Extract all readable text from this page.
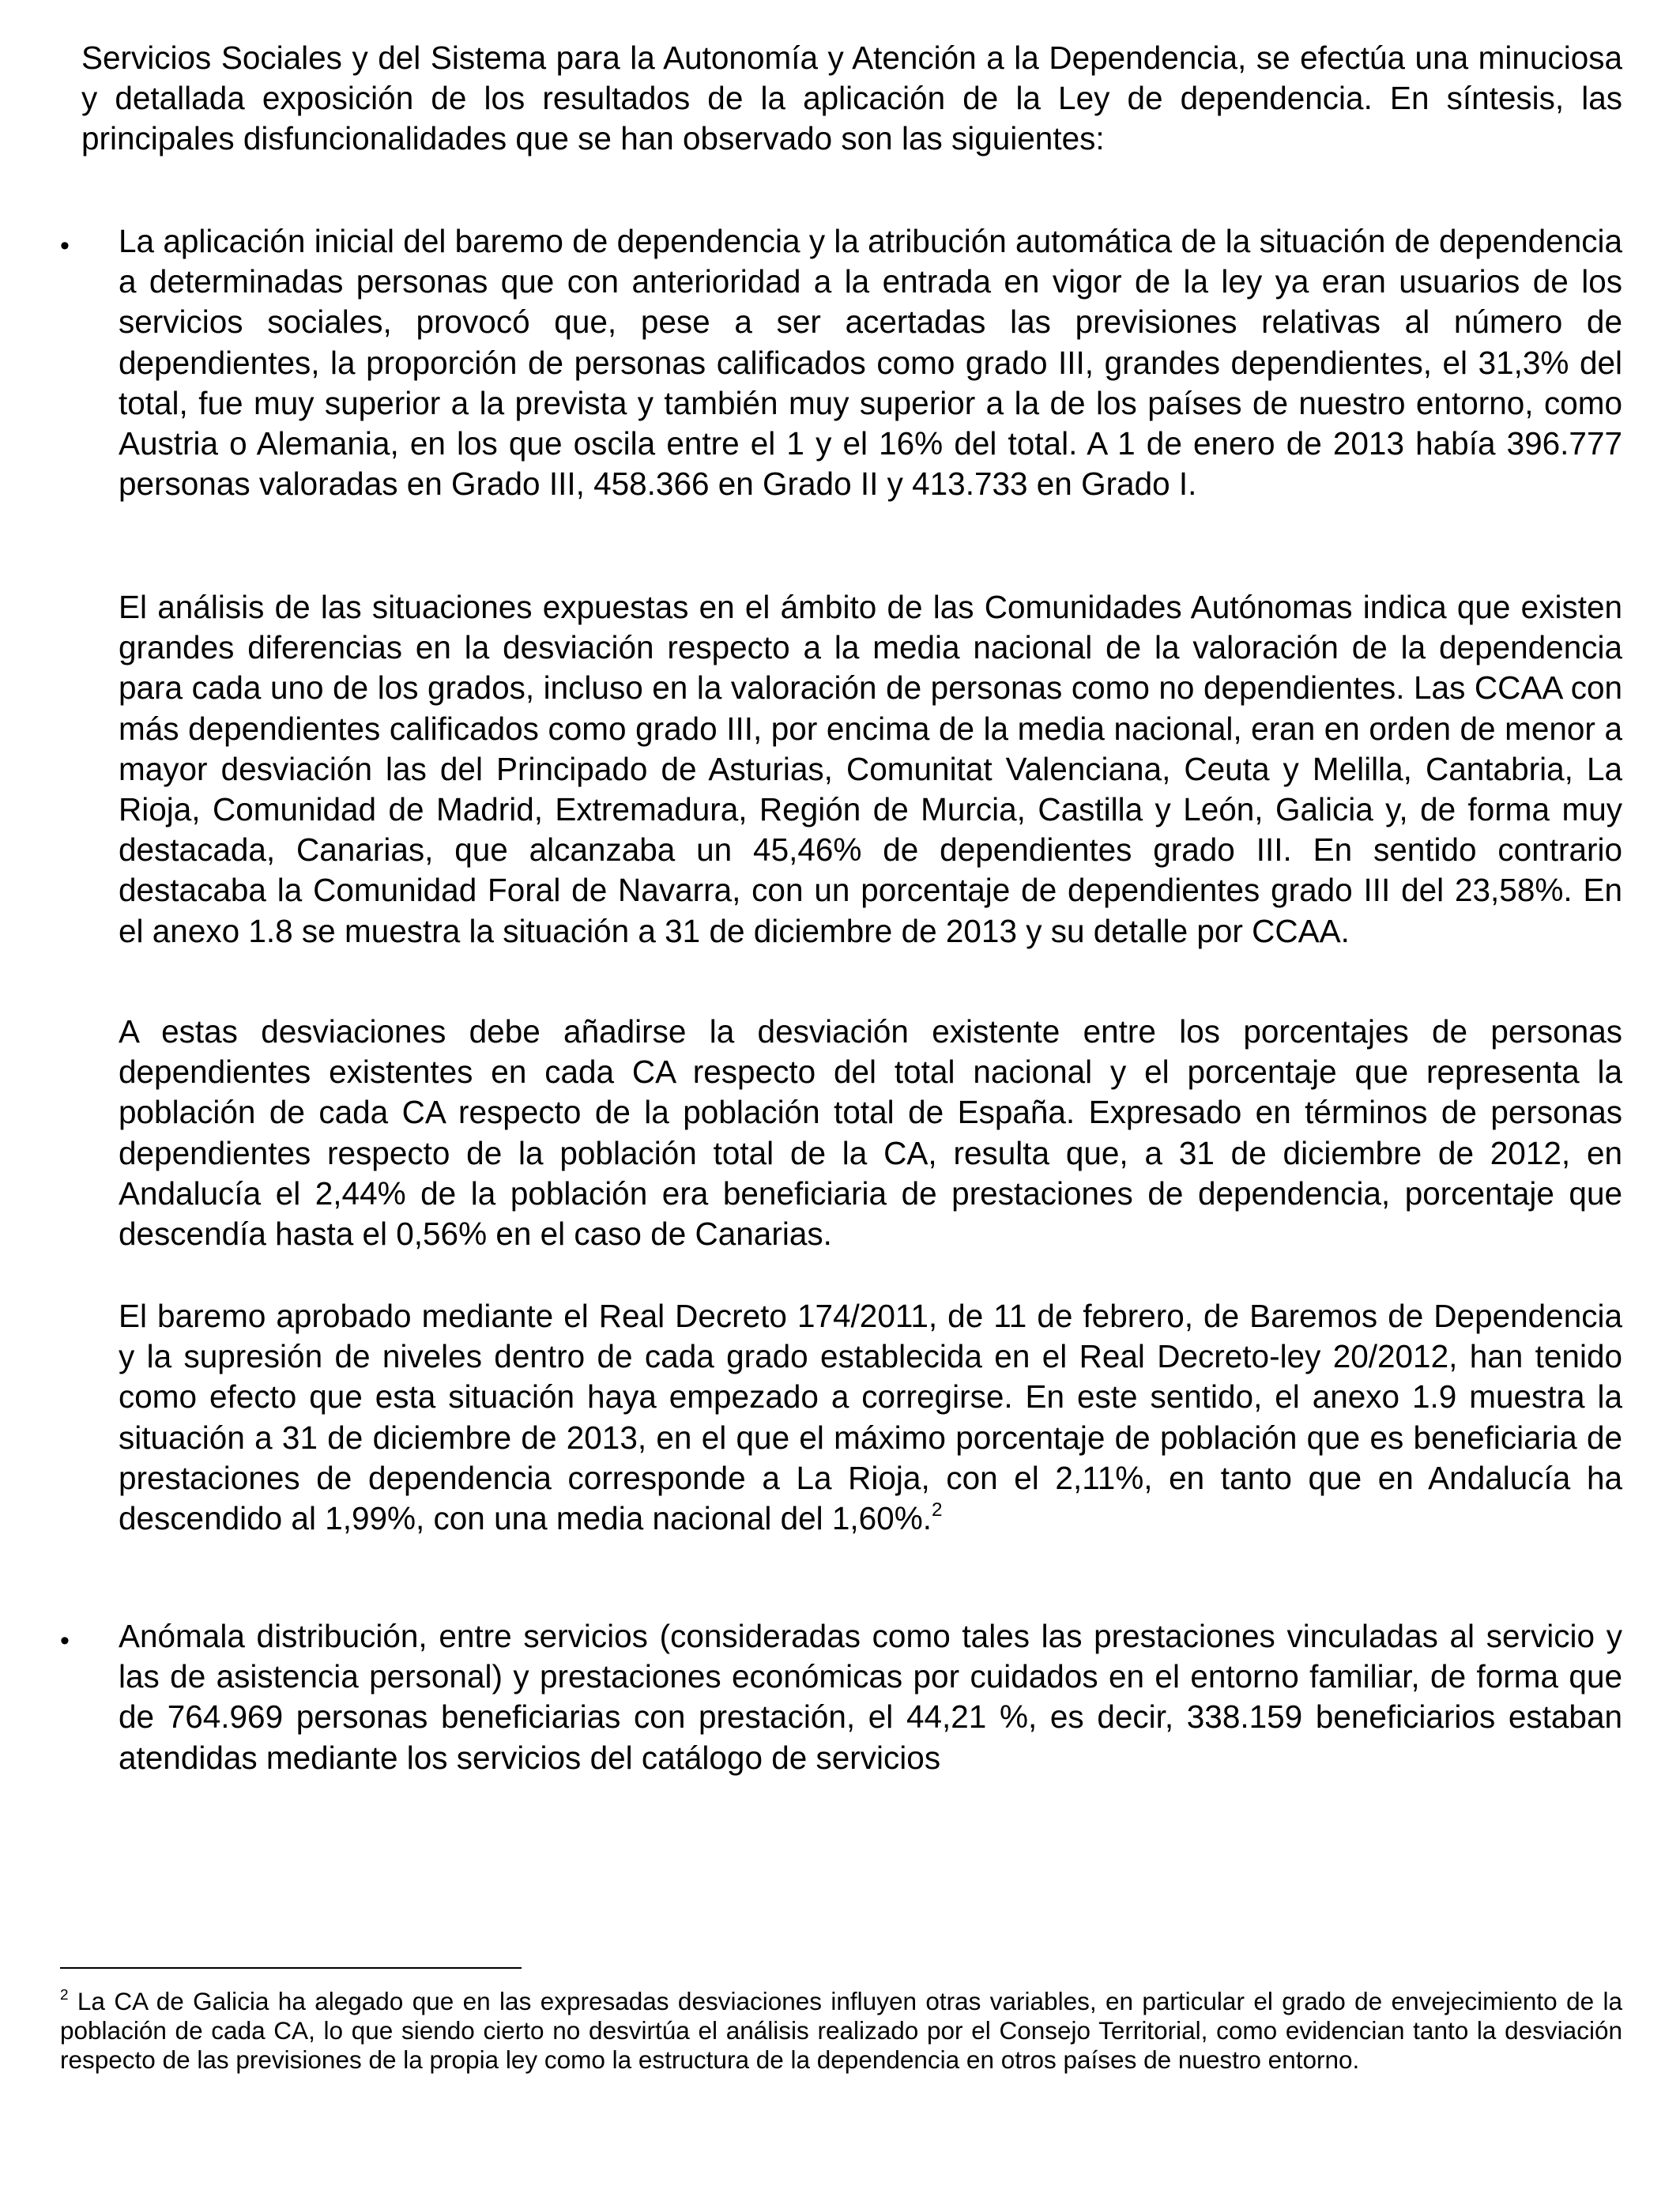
Servicios Sociales y del Sistema para la Autonomía y Atención a la Dependencia, se efectúa una minuciosa y detallada exposición de los resultados de la aplicación de la Ley de dependencia. En síntesis, las principales disfuncionalidades que se han observado son las siguientes:

• La aplicación inicial del baremo de dependencia y la atribución automática de la situación de dependencia a determinadas personas que con anterioridad a la entrada en vigor de la ley ya eran usuarios de los servicios sociales, provocó que, pese a ser acertadas las previsiones relativas al número de dependientes, la proporción de personas calificados como grado III, grandes dependientes, el 31,3% del total, fue muy superior a la prevista y también muy superior a la de los países de nuestro entorno, como Austria o Alemania, en los que oscila entre el 1 y el 16% del total. A 1 de enero de 2013 había 396.777 personas valoradas en Grado III, 458.366 en Grado II y 413.733 en Grado I.

El análisis de las situaciones expuestas en el ámbito de las Comunidades Autónomas indica que existen grandes diferencias en la desviación respecto a la media nacional de la valoración de la dependencia para cada uno de los grados, incluso en la valoración de personas como no dependientes. Las CCAA con más dependientes calificados como grado III, por encima de la media nacional, eran en orden de menor a mayor desviación las del Principado de Asturias, Comunitat Valenciana, Ceuta y Melilla, Cantabria, La Rioja, Comunidad de Madrid, Extremadura, Región de Murcia, Castilla y León, Galicia y, de forma muy destacada, Canarias, que alcanzaba un 45,46% de dependientes grado III. En sentido contrario destacaba la Comunidad Foral de Navarra, con un porcentaje de dependientes grado III del 23,58%. En el anexo 1.8 se muestra la situación a 31 de diciembre de 2013 y su detalle por CCAA.

A estas desviaciones debe añadirse la desviación existente entre los porcentajes de personas dependientes existentes en cada CA respecto del total nacional y el porcentaje que representa la población de cada CA respecto de la población total de España. Expresado en términos de personas dependientes respecto de la población total de la CA, resulta que, a 31 de diciembre de 2012, en Andalucía el 2,44% de la población era beneficiaria de prestaciones de dependencia, porcentaje que descendía hasta el 0,56% en el caso de Canarias.

El baremo aprobado mediante el Real Decreto 174/2011, de 11 de febrero, de Baremos de Dependencia y la supresión de niveles dentro de cada grado establecida en el Real Decreto-ley 20/2012, han tenido como efecto que esta situación haya empezado a corregirse. En este sentido, el anexo 1.9 muestra la situación a 31 de diciembre de 2013, en el que el máximo porcentaje de población que es beneficiaria de prestaciones de dependencia corresponde a La Rioja, con el 2,11%, en tanto que en Andalucía ha descendido al 1,99%, con una media nacional del 1,60%.$^2$

• Anómala distribución, entre servicios (consideradas como tales las prestaciones vinculadas al servicio y las de asistencia personal) y prestaciones económicas por cuidados en el entorno familiar, de forma que de 764.969 personas beneficiarias con prestación, el 44,21 %, es decir, 338.159 beneficiarios estaban atendidas mediante los servicios del catálogo de servicios

$^2$ La CA de Galicia ha alegado que en las expresadas desviaciones influyen otras variables, en particular el grado de envejecimiento de la población de cada CA, lo que siendo cierto no desvirtúa el análisis realizado por el Consejo Territorial, como evidencian tanto la desviación respecto de las previsiones de la propia ley como la estructura de la dependencia en otros países de nuestro entorno.
